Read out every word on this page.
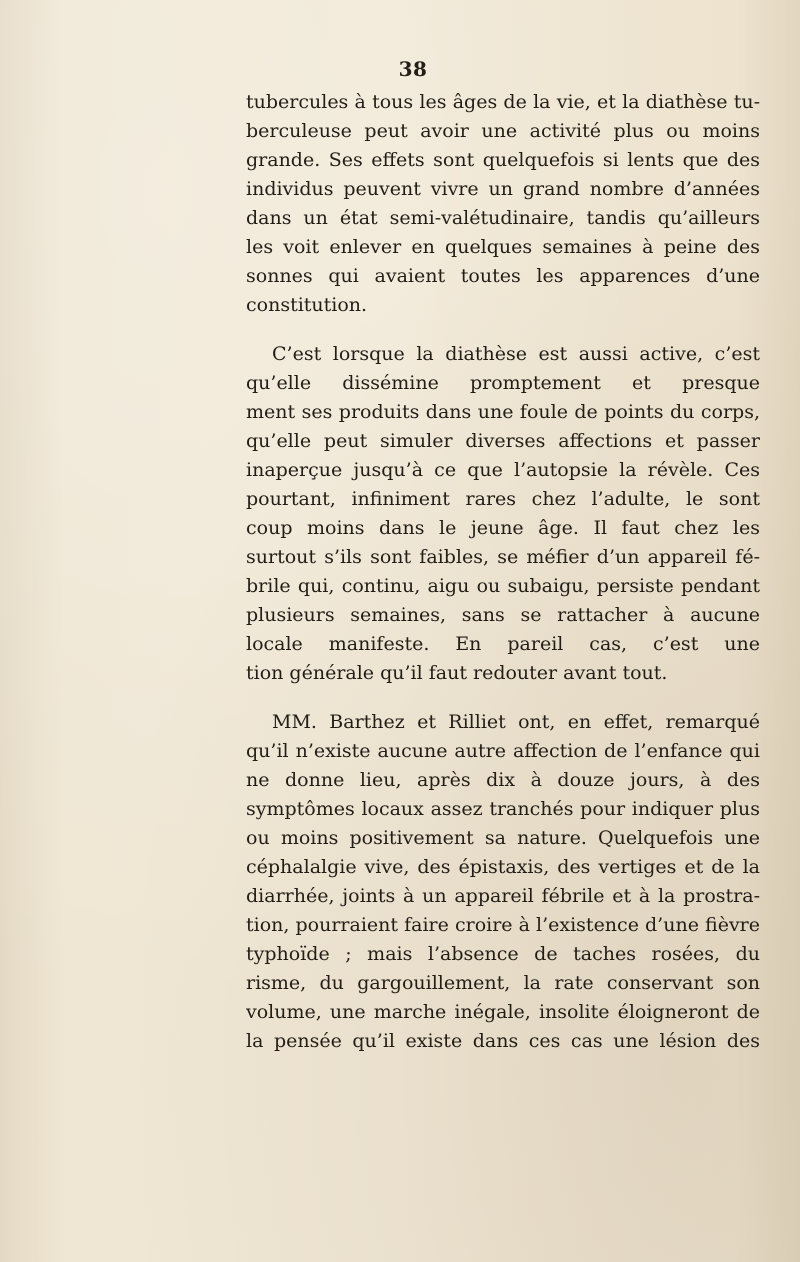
38
tubercules à tous les âges de la vie, et la diathèse tu-
berculeuse peut avoir une activité plus ou moins
grande. Ses effets sont quelquefois si lents que des
individus peuvent vivre un grand nombre d’années
dans un état semi-valétudinaire, tandis qu’ailleurs
les voit enlever en quelques semaines à peine des
sonnes qui avaient toutes les apparences d’une
constitution.
C’est lorsque la diathèse est aussi active, c’est
qu’elle dissémine promptement et presque
ment ses produits dans une foule de points du corps,
qu’elle peut simuler diverses affections et passer
inaperçue jusqu’à ce que l’autopsie la révèle. Ces
pourtant, infiniment rares chez l’adulte, le sont
coup moins dans le jeune âge. Il faut chez les
surtout s’ils sont faibles, se méfier d’un appareil fé-
brile qui, continu, aigu ou subaigu, persiste pendant
plusieurs semaines, sans se rattacher à aucune
locale manifeste. En pareil cas, c’est une
tion générale qu’il faut redouter avant tout.
MM. Barthez et Rilliet ont, en effet, remarqué
qu’il n’existe aucune autre affection de l’enfance qui
ne donne lieu, après dix à douze jours, à des
symptômes locaux assez tranchés pour indiquer plus
ou moins positivement sa nature. Quelquefois une
céphalalgie vive, des épistaxis, des vertiges et de la
diarrhée, joints à un appareil fébrile et à la prostra-
tion, pourraient faire croire à l’existence d’une fièvre
typhoïde ; mais l’absence de taches rosées, du
risme, du gargouillement, la rate conservant son
volume, une marche inégale, insolite éloigneront de
la pensée qu’il existe dans ces cas une lésion des
